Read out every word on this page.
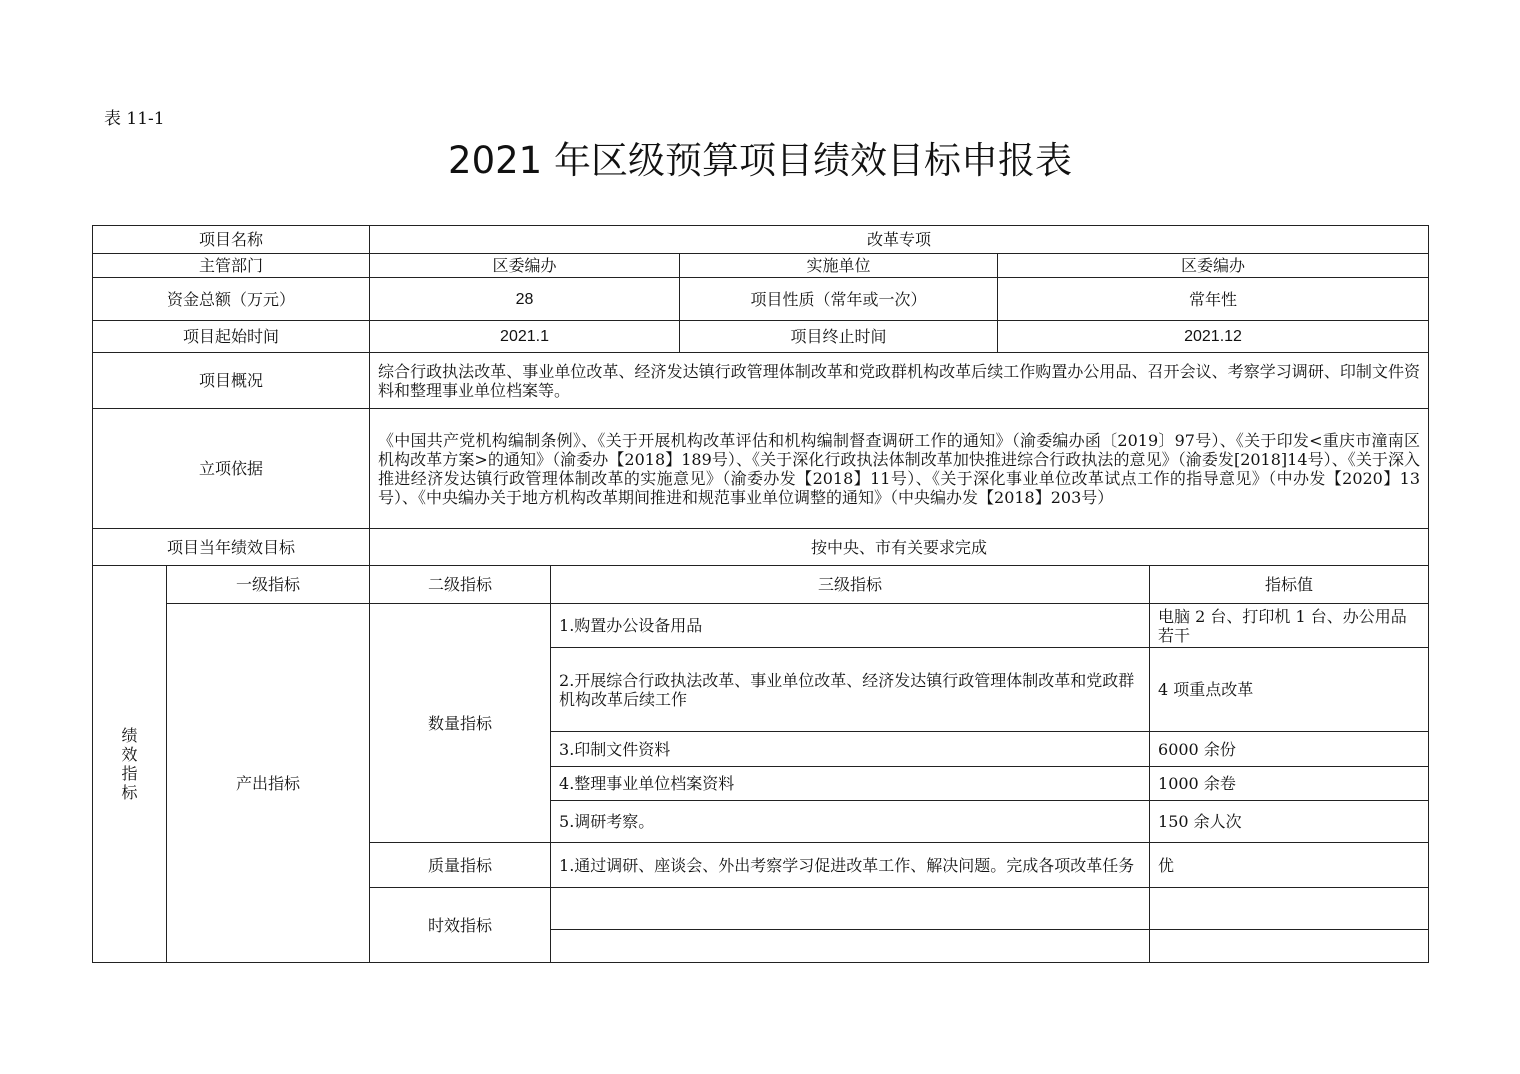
表 11-1
2021 年区级预算项目绩效目标申报表
项目名称		改革专项				
主管部门		区委编办		实施单位	区委编办	
资金总额（万元）		28		项目性质（常年或一次）	常年性	
项目起始时间		2021.1		项目终止时间	2021.12	
项目概况		综合行政执法改革、事业单位改革、经济发达镇行政管理体制改革和党政群机构改革后续工作购置办公用品、召开会议、考察学习调研、印制文件资料和整理事业单位档案等。				
立项依据		《中国共产党机构编制条例》、《关于开展机构改革评估和机构编制督查调研工作的通知》（渝委编办函〔2019〕97号）、《关于印发<重庆市潼南区机构改革方案>的通知》（渝委办【2018】189号）、《关于深化行政执法体制改革加快推进综合行政执法的意见》（渝委发[2018]14号）、《关于深入推进经济发达镇行政管理体制改革的实施意见》（渝委办发【2018】11号）、《关于深化事业单位改革试点工作的指导意见》（中办发【2020】13号）、《中央编办关于地方机构改革期间推进和规范事业单位调整的通知》（中央编办发【2018】203号）				
项目当年绩效目标		按中央、市有关要求完成				

绩
效
指
标	一级指标	二级指标	三级指标			指标值
	产出指标	数量指标	1.购置办公设备用品			电脑 2 台、打印机 1 台、办公用品若干
			2.开展综合行政执法改革、事业单位改革、经济发达镇行政管理体制改革和党政群机构改革后续工作			4 项重点改革
			3.印制文件资料			6000 余份
			4.整理事业单位档案资料			1000 余卷
			5.调研考察。			150 余人次
		质量指标	1.通过调研、座谈会、外出考察学习促进改革工作、解决问题。完成各项改革任务			优
		时效指标				
